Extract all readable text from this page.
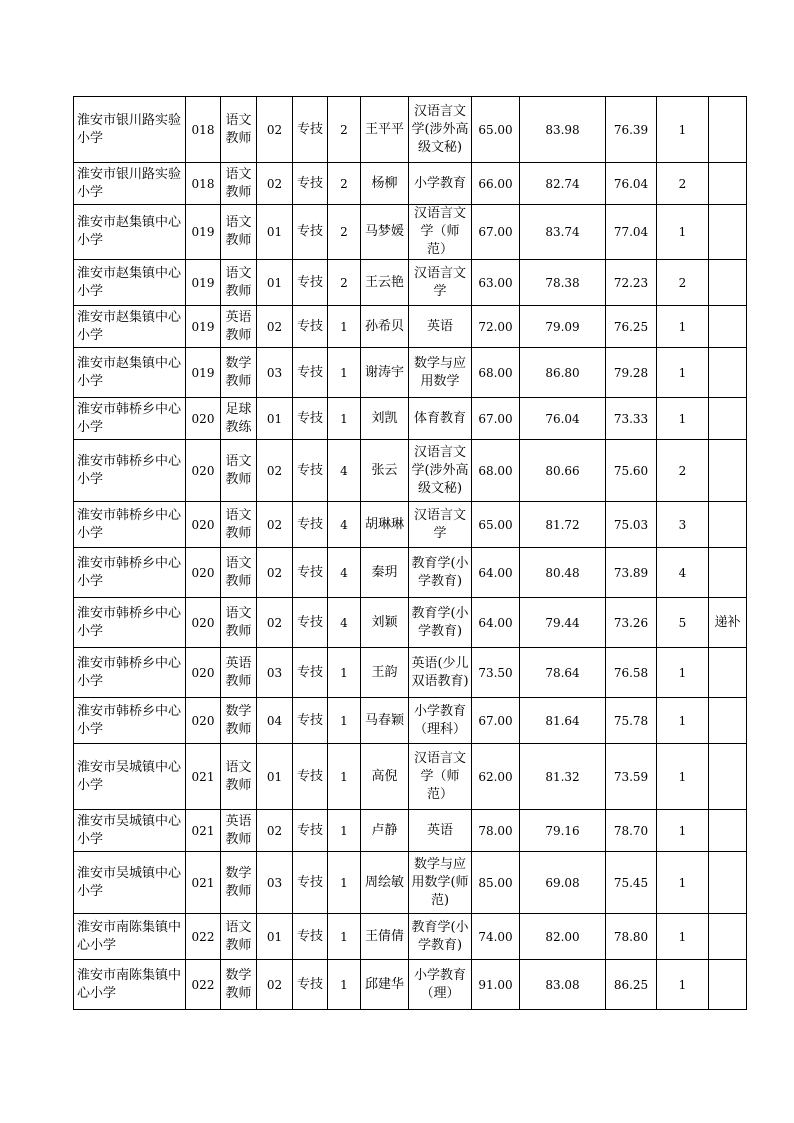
淮安市银川路实验小学	018	语文教师	02	专技	2	王平平	汉语言文学(涉外高级文秘)	65.00	83.98	76.39	1	
淮安市银川路实验小学	018	语文教师	02	专技	2	杨柳	小学教育	66.00	82.74	76.04	2	
淮安市赵集镇中心小学	019	语文教师	01	专技	2	马梦媛	汉语言文学（师范）	67.00	83.74	77.04	1	
淮安市赵集镇中心小学	019	语文教师	01	专技	2	王云艳	汉语言文学	63.00	78.38	72.23	2	
淮安市赵集镇中心小学	019	英语教师	02	专技	1	孙希贝	英语	72.00	79.09	76.25	1	
淮安市赵集镇中心小学	019	数学教师	03	专技	1	谢涛宇	数学与应用数学	68.00	86.80	79.28	1	
淮安市韩桥乡中心小学	020	足球教练	01	专技	1	刘凯	体育教育	67.00	76.04	73.33	1	
淮安市韩桥乡中心小学	020	语文教师	02	专技	4	张云	汉语言文学(涉外高级文秘)	68.00	80.66	75.60	2	
淮安市韩桥乡中心小学	020	语文教师	02	专技	4	胡琳琳	汉语言文学	65.00	81.72	75.03	3	
淮安市韩桥乡中心小学	020	语文教师	02	专技	4	秦玥	教育学(小学教育)	64.00	80.48	73.89	4	
淮安市韩桥乡中心小学	020	语文教师	02	专技	4	刘颖	教育学(小学教育)	64.00	79.44	73.26	5	递补
淮安市韩桥乡中心小学	020	英语教师	03	专技	1	王韵	英语(少儿双语教育)	73.50	78.64	76.58	1	
淮安市韩桥乡中心小学	020	数学教师	04	专技	1	马春颖	小学教育（理科）	67.00	81.64	75.78	1	
淮安市吴城镇中心小学	021	语文教师	01	专技	1	高倪	汉语言文学（师范）	62.00	81.32	73.59	1	
淮安市吴城镇中心小学	021	英语教师	02	专技	1	卢静	英语	78.00	79.16	78.70	1	
淮安市吴城镇中心小学	021	数学教师	03	专技	1	周绘敏	数学与应用数学(师范)	85.00	69.08	75.45	1	
淮安市南陈集镇中心小学	022	语文教师	01	专技	1	王倩倩	教育学(小学教育)	74.00	82.00	78.80	1	
淮安市南陈集镇中心小学	022	数学教师	02	专技	1	邱建华	小学教育（理）	91.00	83.08	86.25	1	
